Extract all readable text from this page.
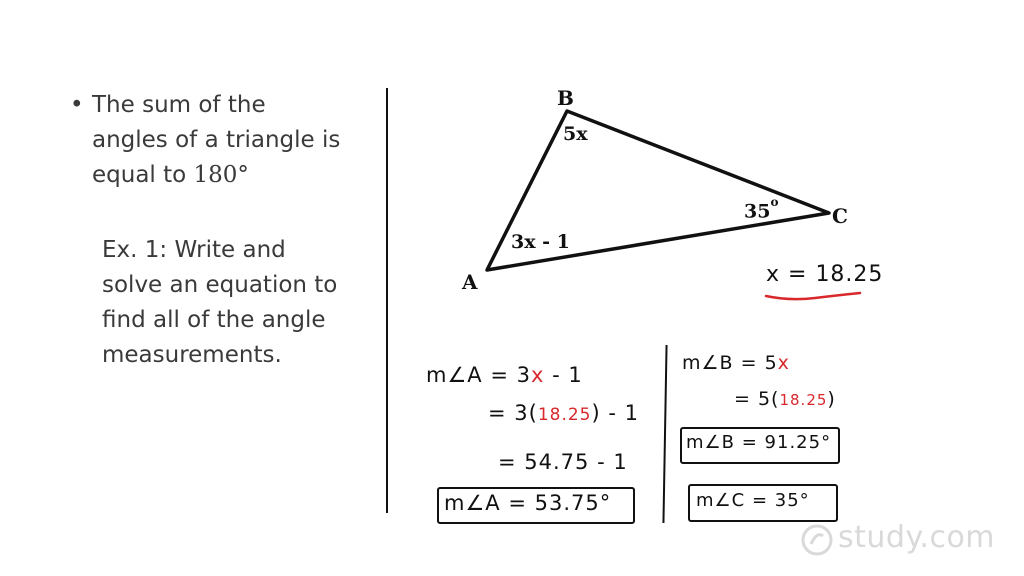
• The sum of the
angles of a triangle is
equal to 180°
Ex. 1: Write and
solve an equation to
find all of the angle
measurements.
B
C
A
5x
35$^o$
3x - 1
x = 18.25
m∠A = 3x - 1
= 3(18.25) - 1
= 54.75 - 1
m∠A = 53.75°
m∠B = 5x
= 5(18.25)
m∠B = 91.25°
m∠C = 35°
study.com
